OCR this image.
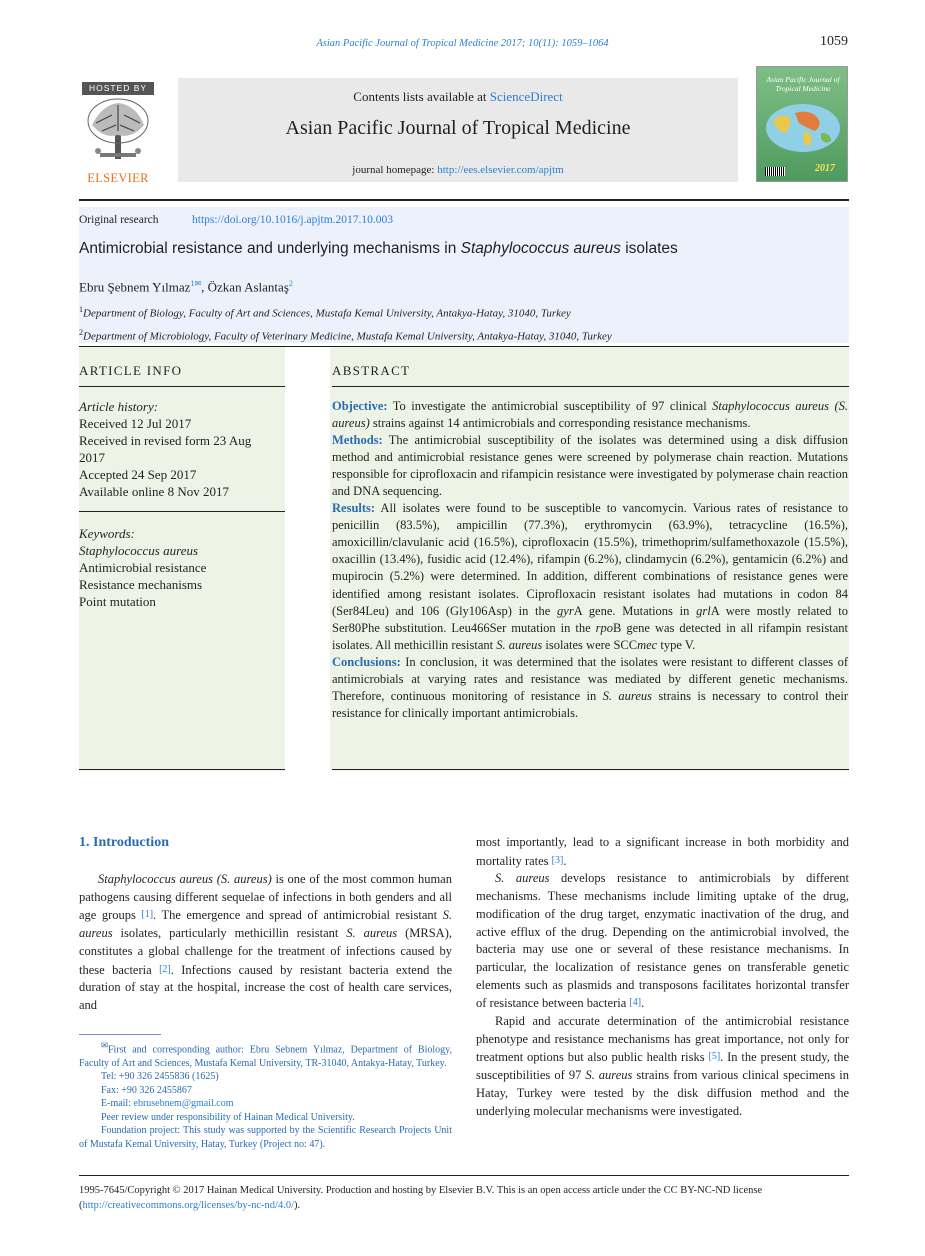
Asian Pacific Journal of Tropical Medicine 2017; 10(11): 1059–1064	1059
HOSTED BY
ELSEVIER
Contents lists available at ScienceDirect
Asian Pacific Journal of Tropical Medicine
journal homepage: http://ees.elsevier.com/apjtm
Asian Pacific Journal of Tropical Medicine
2017
Original research	https://doi.org/10.1016/j.apjtm.2017.10.003
Antimicrobial resistance and underlying mechanisms in Staphylococcus aureus isolates
Ebru Şebnem Yılmaz$^{1✉}$, Özkan Aslantaş$^2$
$^1$Department of Biology, Faculty of Art and Sciences, Mustafa Kemal University, Antakya-Hatay, 31040, Turkey
$^2$Department of Microbiology, Faculty of Veterinary Medicine, Mustafa Kemal University, Antakya-Hatay, 31040, Turkey
ARTICLE INFO	ABSTRACT
Article history:
Received 12 Jul 2017
Received in revised form 23 Aug
2017
Accepted 24 Sep 2017
Available online 8 Nov 2017
Keywords:
Staphylococcus aureus
Antimicrobial resistance
Resistance mechanisms
Point mutation

Objective: To investigate the antimicrobial susceptibility of 97 clinical Staphylococcus aureus (S. aureus) strains against 14 antimicrobials and corresponding resistance mechanisms.

Methods: The antimicrobial susceptibility of the isolates was determined using a disk diffusion method and antimicrobial resistance genes were screened by polymerase chain reaction. Mutations responsible for ciprofloxacin and rifampicin resistance were investigated by polymerase chain reaction and DNA sequencing.

Results: All isolates were found to be susceptible to vancomycin. Various rates of resistance to penicillin (83.5%), ampicillin (77.3%), erythromycin (63.9%), tetracycline (16.5%), amoxicillin/clavulanic acid (16.5%), ciprofloxacin (15.5%), trimethoprim/sulfamethoxazole (15.5%), oxacillin (13.4%), fusidic acid (12.4%), rifampin (6.2%), clindamycin (6.2%), gentamicin (6.2%) and mupirocin (5.2%) were determined. In addition, different combinations of resistance genes were identified among resistant isolates. Ciprofloxacin resistant isolates had mutations in codon 84 (Ser84Leu) and 106 (Gly106Asp) in the gyrA gene. Mutations in grlA were mostly related to Ser80Phe substitution. Leu466Ser mutation in the rpoB gene was detected in all rifampin resistant isolates. All methicillin resistant S. aureus isolates were SCCmec type V.

Conclusions: In conclusion, it was determined that the isolates were resistant to different classes of antimicrobials at varying rates and resistance was mediated by different genetic mechanisms. Therefore, continuous monitoring of resistance in S. aureus strains is necessary to control their resistance for clinically important antimicrobials.

1. Introduction

Staphylococcus aureus (S. aureus) is one of the most common human pathogens causing different sequelae of infections in both genders and all age groups [1]. The emergence and spread of antimicrobial resistant S. aureus isolates, particularly methicillin resistant S. aureus (MRSA), constitutes a global challenge for the treatment of infections caused by these bacteria [2]. Infections caused by resistant bacteria extend the duration of stay at the hospital, increase the cost of health care services, and

most importantly, lead to a significant increase in both morbidity and mortality rates [3].

S. aureus develops resistance to antimicrobials by different mechanisms. These mechanisms include limiting uptake of the drug, modification of the drug target, enzymatic inactivation of the drug, and active efflux of the drug. Depending on the antimicrobial involved, the bacteria may use one or several of these resistance mechanisms. In particular, the localization of resistance genes on transferable genetic elements such as plasmids and transposons facilitates horizontal transfer of resistance between bacteria [4].

Rapid and accurate determination of the antimicrobial resistance phenotype and resistance mechanisms has great importance, not only for treatment options but also public health risks [5]. In the present study, the susceptibilities of 97 S. aureus strains from various clinical specimens in Hatay, Turkey were tested by the disk diffusion method and the underlying molecular mechanisms were investigated.

✉First and corresponding author: Ebru Sebnem Yılmaz, Department of Biology, Faculty of Art and Sciences, Mustafa Kemal University, TR-31040, Antakya-Hatay, Turkey.
Tel: +90 326 2455836 (1625)
Fax: +90 326 2455867
E-mail: ebrusebnem@gmail.com
Peer review under responsibility of Hainan Medical University.
Foundation project: This study was supported by the Scientific Research Projects Unit of Mustafa Kemal University, Hatay, Turkey (Project no: 47).
1995-7645/Copyright © 2017 Hainan Medical University. Production and hosting by Elsevier B.V. This is an open access article under the CC BY-NC-ND license (http://creativecommons.org/licenses/by-nc-nd/4.0/).
